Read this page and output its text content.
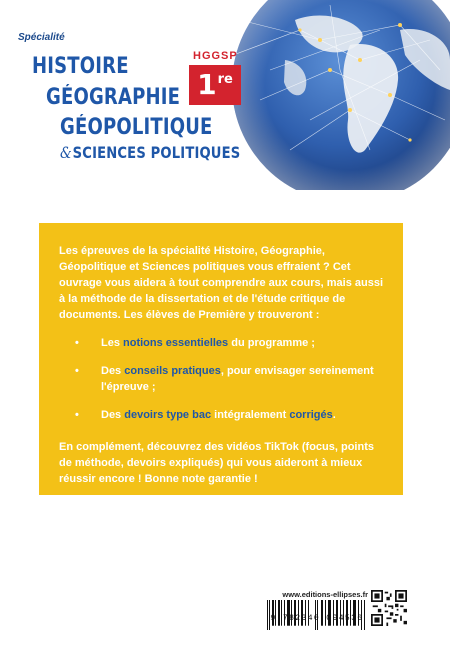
Spécialité
HISTOIRE
GÉOGRAPHIE
GÉOPOLITIQUE
&SCIENCES POLITIQUES
HGGSP
1 re

Les épreuves de la spécialité Histoire, Géographie, Géopolitique et Sciences politiques vous effraient ? Cet ouvrage vous aidera à tout comprendre aux cours, mais aussi à la méthode de la dissertation et de l'étude critique de documents. Les élèves de Première y trouveront :

• Les notions essentielles du programme ;
• Des conseils pratiques, pour envisager sereinement l'épreuve ;
• Des devoirs type bac intégralement corrigés.

En complément, découvrez des vidéos TikTok (focus, points de méthode, devoirs expliqués) qui vous aideront à mieux réussir encore ! Bonne note garantie !

www.editions-ellipses.fr
9 782340 094536
